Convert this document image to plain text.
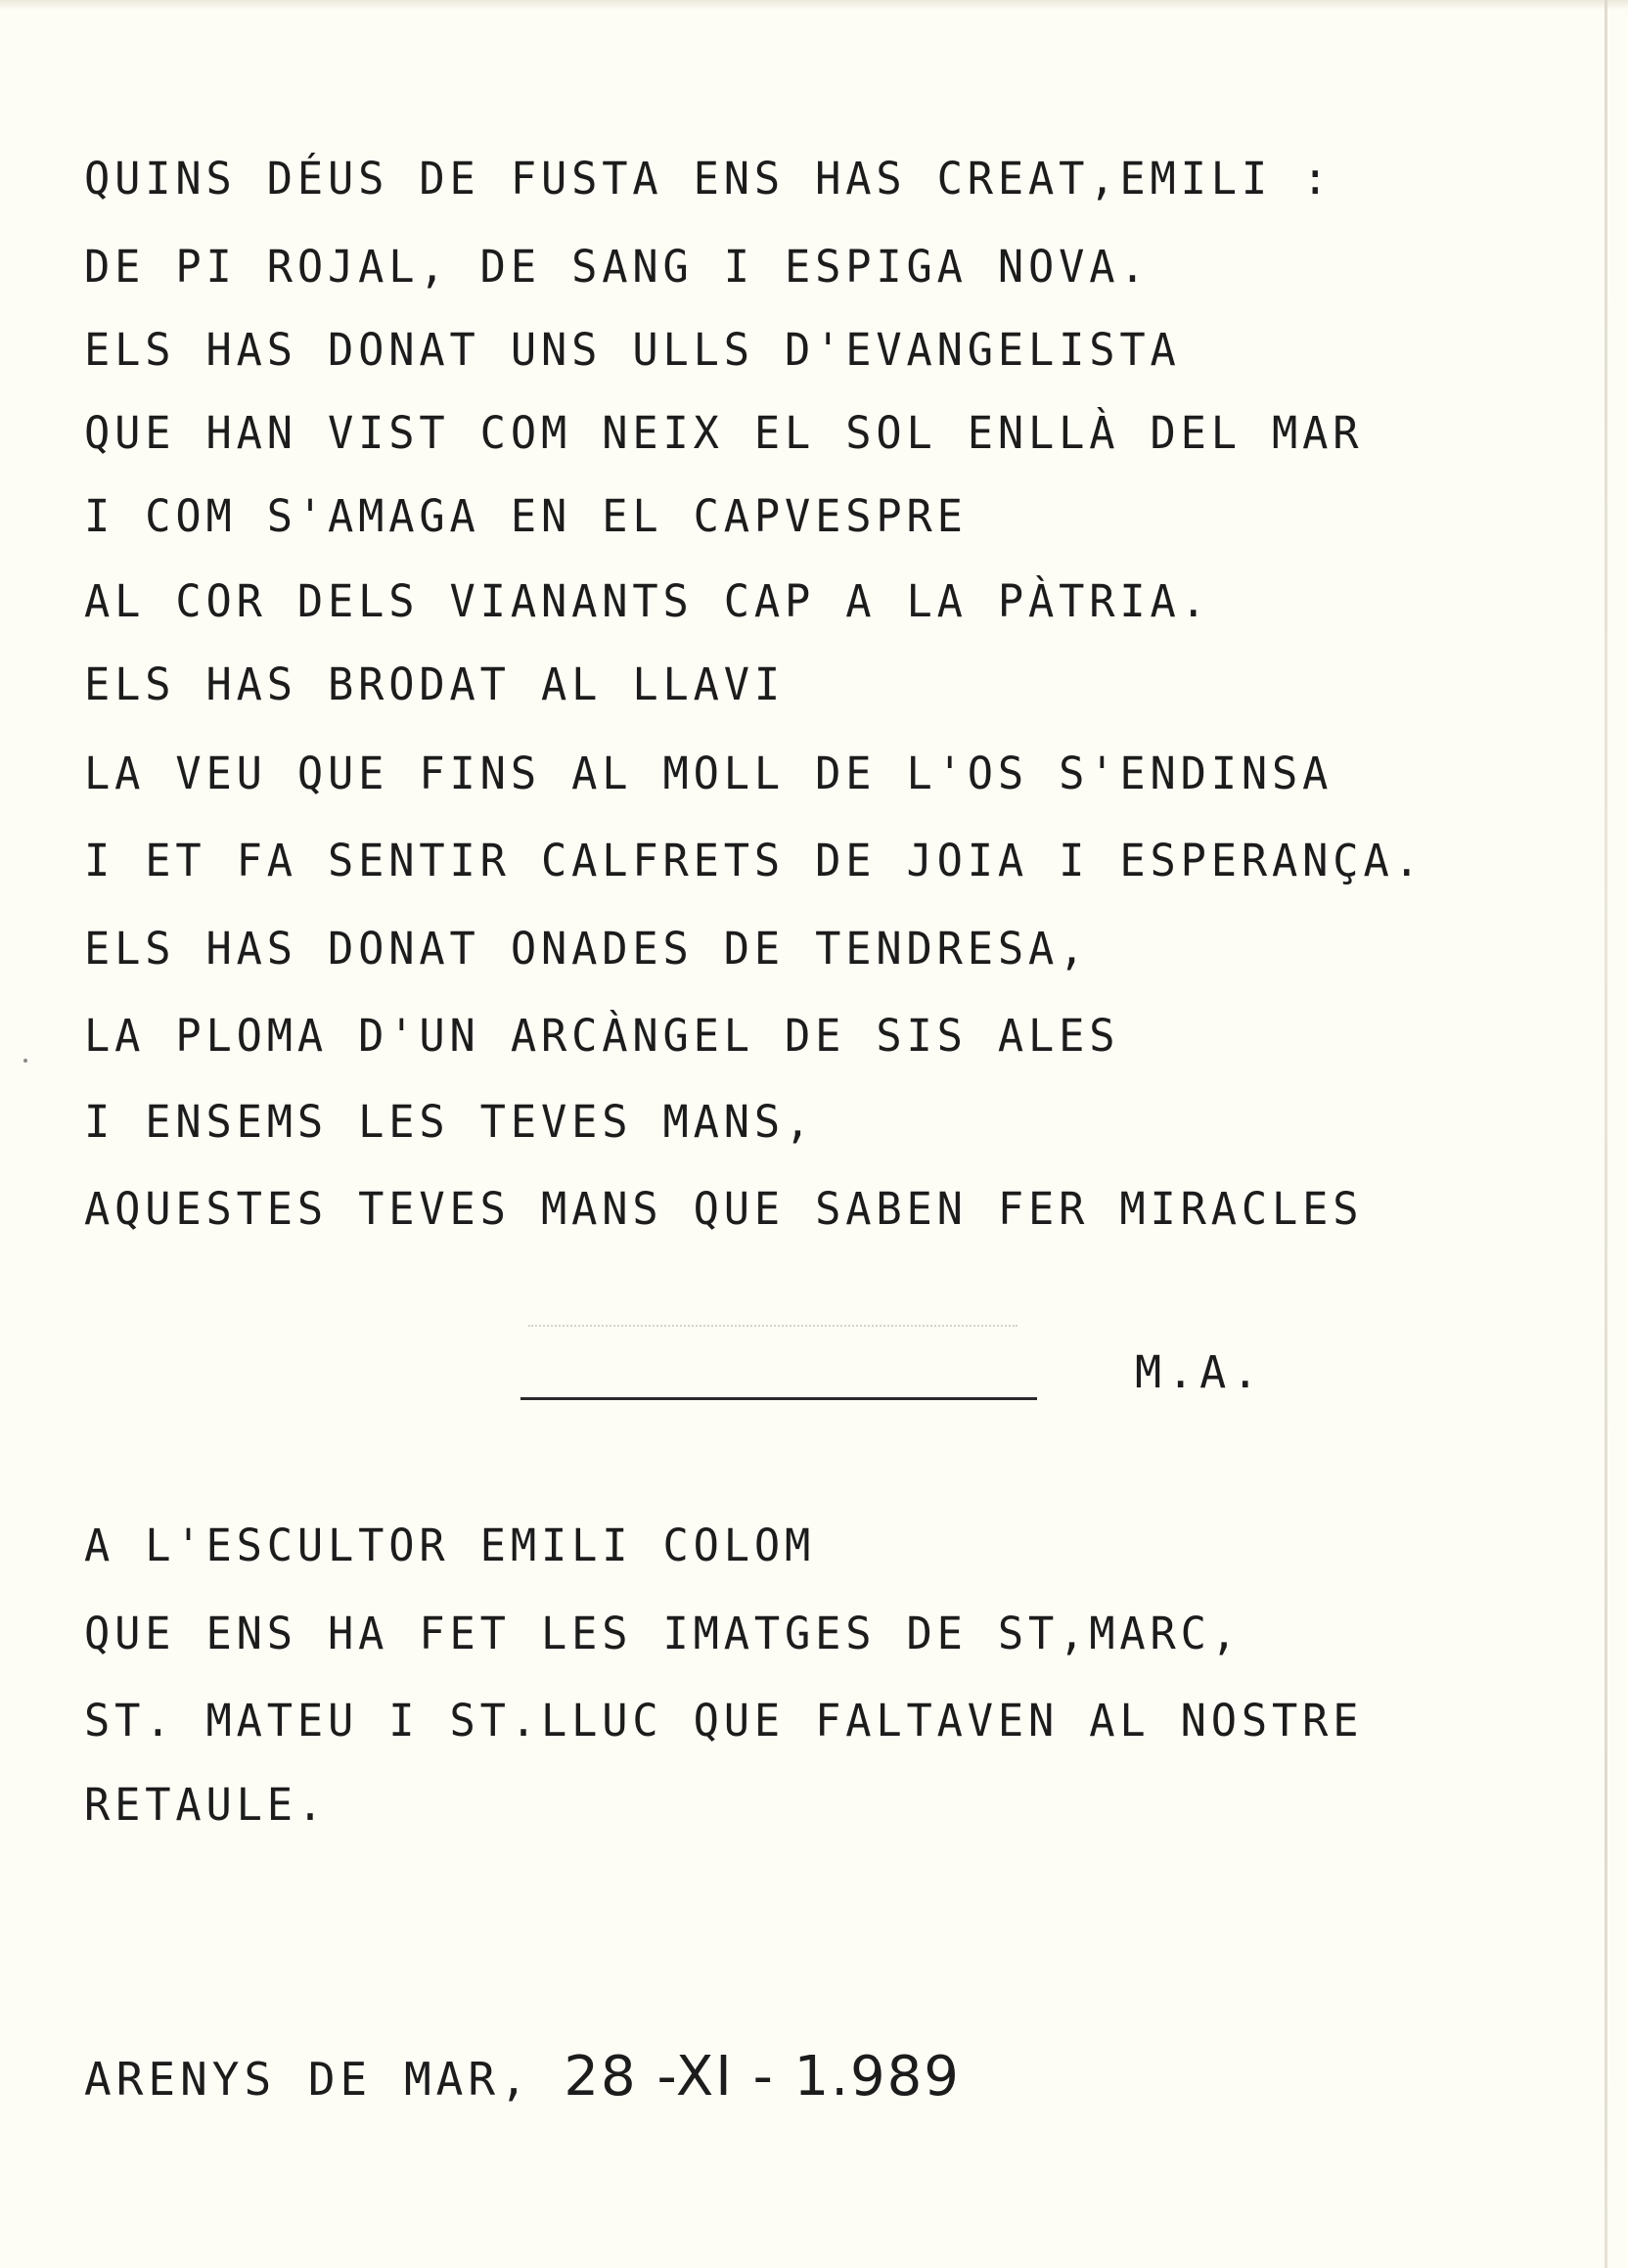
QUINS DÉUS DE FUSTA ENS HAS CREAT,EMILI :

DE PI ROJAL, DE SANG I ESPIGA NOVA.

ELS HAS DONAT UNS ULLS D'EVANGELISTA

QUE HAN VIST COM NEIX EL SOL ENLLÀ DEL MAR

I COM S'AMAGA EN EL CAPVESPRE

AL COR DELS VIANANTS CAP A LA PÀTRIA.

ELS HAS BRODAT AL LLAVI

LA VEU QUE FINS AL MOLL DE L'OS S'ENDINSA

I ET FA SENTIR CALFRETS DE JOIA I ESPERANÇA.

ELS HAS DONAT ONADES DE TENDRESA,

LA PLOMA D'UN ARCÀNGEL DE SIS ALES

I ENSEMS LES TEVES MANS,

AQUESTES TEVES MANS QUE SABEN FER MIRACLES

M.A.

A L'ESCULTOR EMILI COLOM

QUE ENS HA FET LES IMATGES DE ST,MARC,

ST. MATEU I ST.LLUC QUE FALTAVEN AL NOSTRE

RETAULE.

ARENYS DE MAR, 28 -XI - 1.989
